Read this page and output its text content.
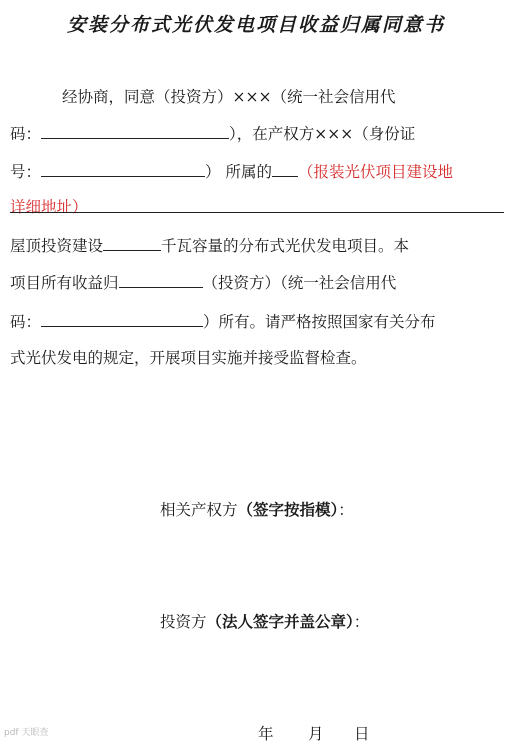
安装分布式光伏发电项目收益归属同意书
经协商，同意（投资方）×××（统一社会信用代
码：	），在产权方×××（身份证
号：	） 所属的 （报装光伏项目建设地
详细地址）
屋顶投资建设	千瓦容量的分布式光伏发电项目。本
项目所有收益归	（投资方）（统一社会信用代
码：	）所有。请严格按照国家有关分布
式光伏发电的规定，开展项目实施并接受监督检查。
相关产权方（签字按指模）：
投资方（法人签字并盖公章）：
年 月 日
pdf 天眼查
